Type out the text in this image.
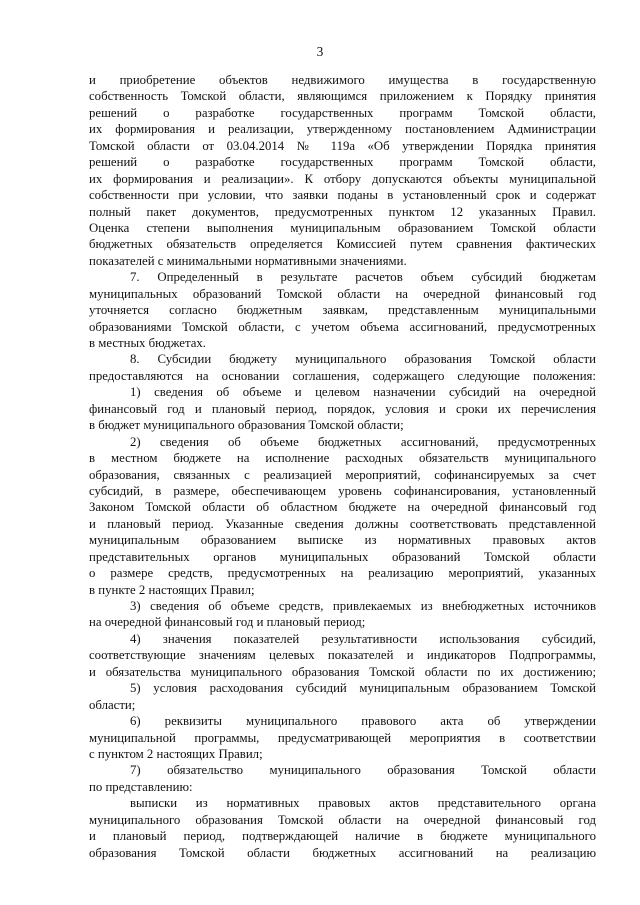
3
и приобретение объектов недвижимого имущества в государственную
собственность Томской области, являющимся приложением к Порядку принятия
решений о разработке государственных программ Томской области,
их формирования и реализации, утвержденному постановлением Администрации
Томской области от 03.04.2014 № 119а «Об утверждении Порядка принятия
решений о разработке государственных программ Томской области,
их формирования и реализации». К отбору допускаются объекты муниципальной
собственности при условии, что заявки поданы в установленный срок и содержат
полный пакет документов, предусмотренных пунктом 12 указанных Правил.
Оценка степени выполнения муниципальным образованием Томской области
бюджетных обязательств определяется Комиссией путем сравнения фактических
показателей с минимальными нормативными значениями.
7. Определенный в результате расчетов объем субсидий бюджетам
муниципальных образований Томской области на очередной финансовый год
уточняется согласно бюджетным заявкам, представленным муниципальными
образованиями Томской области, с учетом объема ассигнований, предусмотренных
в местных бюджетах.
8. Субсидии бюджету муниципального образования Томской области
предоставляются на основании соглашения, содержащего следующие положения:
1) сведения об объеме и целевом назначении субсидий на очередной
финансовый год и плановый период, порядок, условия и сроки их перечисления
в бюджет муниципального образования Томской области;
2) сведения об объеме бюджетных ассигнований, предусмотренных
в местном бюджете на исполнение расходных обязательств муниципального
образования, связанных с реализацией мероприятий, софинансируемых за счет
субсидий, в размере, обеспечивающем уровень софинансирования, установленный
Законом Томской области об областном бюджете на очередной финансовый год
и плановый период. Указанные сведения должны соответствовать представленной
муниципальным образованием выписке из нормативных правовых актов
представительных органов муниципальных образований Томской области
о размере средств, предусмотренных на реализацию мероприятий, указанных
в пункте 2 настоящих Правил;
3) сведения об объеме средств, привлекаемых из внебюджетных источников
на очередной финансовый год и плановый период;
4) значения показателей результативности использования субсидий,
соответствующие значениям целевых показателей и индикаторов Подпрограммы,
и обязательства муниципального образования Томской области по их достижению;
5) условия расходования субсидий муниципальным образованием Томской
области;
6) реквизиты муниципального правового акта об утверждении
муниципальной программы, предусматривающей мероприятия в соответствии
с пунктом 2 настоящих Правил;
7) обязательство муниципального образования Томской области
по представлению:
выписки из нормативных правовых актов представительного органа
муниципального образования Томской области на очередной финансовый год
и плановый период, подтверждающей наличие в бюджете муниципального
образования Томской области бюджетных ассигнований на реализацию
